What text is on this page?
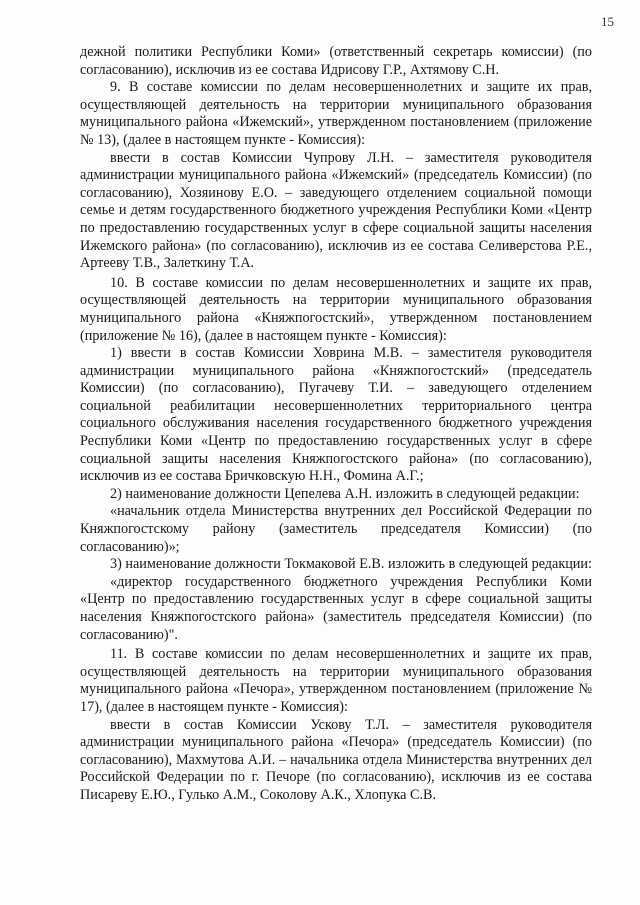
15

дежной политики Республики Коми» (ответственный секретарь комиссии) (по согласованию), исключив из ее состава Идрисову Г.Р., Ахтямову С.Н.

9. В составе комиссии по делам несовершеннолетних и защите их прав, осуществляющей деятельность на территории муниципального образования муниципального района «Ижемский», утвержденном постановлением (приложение № 13), (далее в настоящем пункте - Комиссия):

ввести в состав Комиссии Чупрову Л.Н. – заместителя руководителя администрации муниципального района «Ижемский» (председатель Комиссии) (по согласованию), Хозяинову Е.О. – заведующего отделением социальной помощи семье и детям государственного бюджетного учреждения Республики Коми «Центр по предоставлению государственных услуг в сфере социальной защиты населения Ижемского района» (по согласованию), исключив из ее состава Селиверстова Р.Е., Артееву Т.В., Залеткину Т.А.

10. В составе комиссии по делам несовершеннолетних и защите их прав, осуществляющей деятельность на территории муниципального образования муниципального района «Княжпогостский», утвержденном постановлением (приложение № 16), (далее в настоящем пункте - Комиссия):

1) ввести в состав Комиссии Ховрина М.В. – заместителя руководителя администрации муниципального района «Княжпогостский» (председатель Комиссии) (по согласованию), Пугачеву Т.И. – заведующего отделением социальной реабилитации несовершеннолетних территориального центра социального обслуживания населения государственного бюджетного учреждения Республики Коми «Центр по предоставлению государственных услуг в сфере социальной защиты населения Княжпогостского района» (по согласованию), исключив из ее состава Бричковскую Н.Н., Фомина А.Г.;

2) наименование должности Цепелева А.Н. изложить в следующей редакции:

«начальник отдела Министерства внутренних дел Российской Федерации по Княжпогостскому району (заместитель председателя Комиссии) (по согласованию)»;

3) наименование должности Токмаковой Е.В. изложить в следующей редакции:

«директор государственного бюджетного учреждения Республики Коми «Центр по предоставлению государственных услуг в сфере социальной защиты населения Княжпогостского района» (заместитель председателя Комиссии) (по согласованию)".

11. В составе комиссии по делам несовершеннолетних и защите их прав, осуществляющей деятельность на территории муниципального образования муниципального района «Печора», утвержденном постановлением (приложение № 17), (далее в настоящем пункте - Комиссия):

ввести в состав Комиссии Ускову Т.Л. – заместителя руководителя администрации муниципального района «Печора» (председатель Комиссии) (по согласованию), Махмутова А.И. – начальника отдела Министерства внутренних дел Российской Федерации по г. Печоре (по согласованию), исключив из ее состава Писареву Е.Ю., Гулько А.М., Соколову А.К., Хлопука С.В.
